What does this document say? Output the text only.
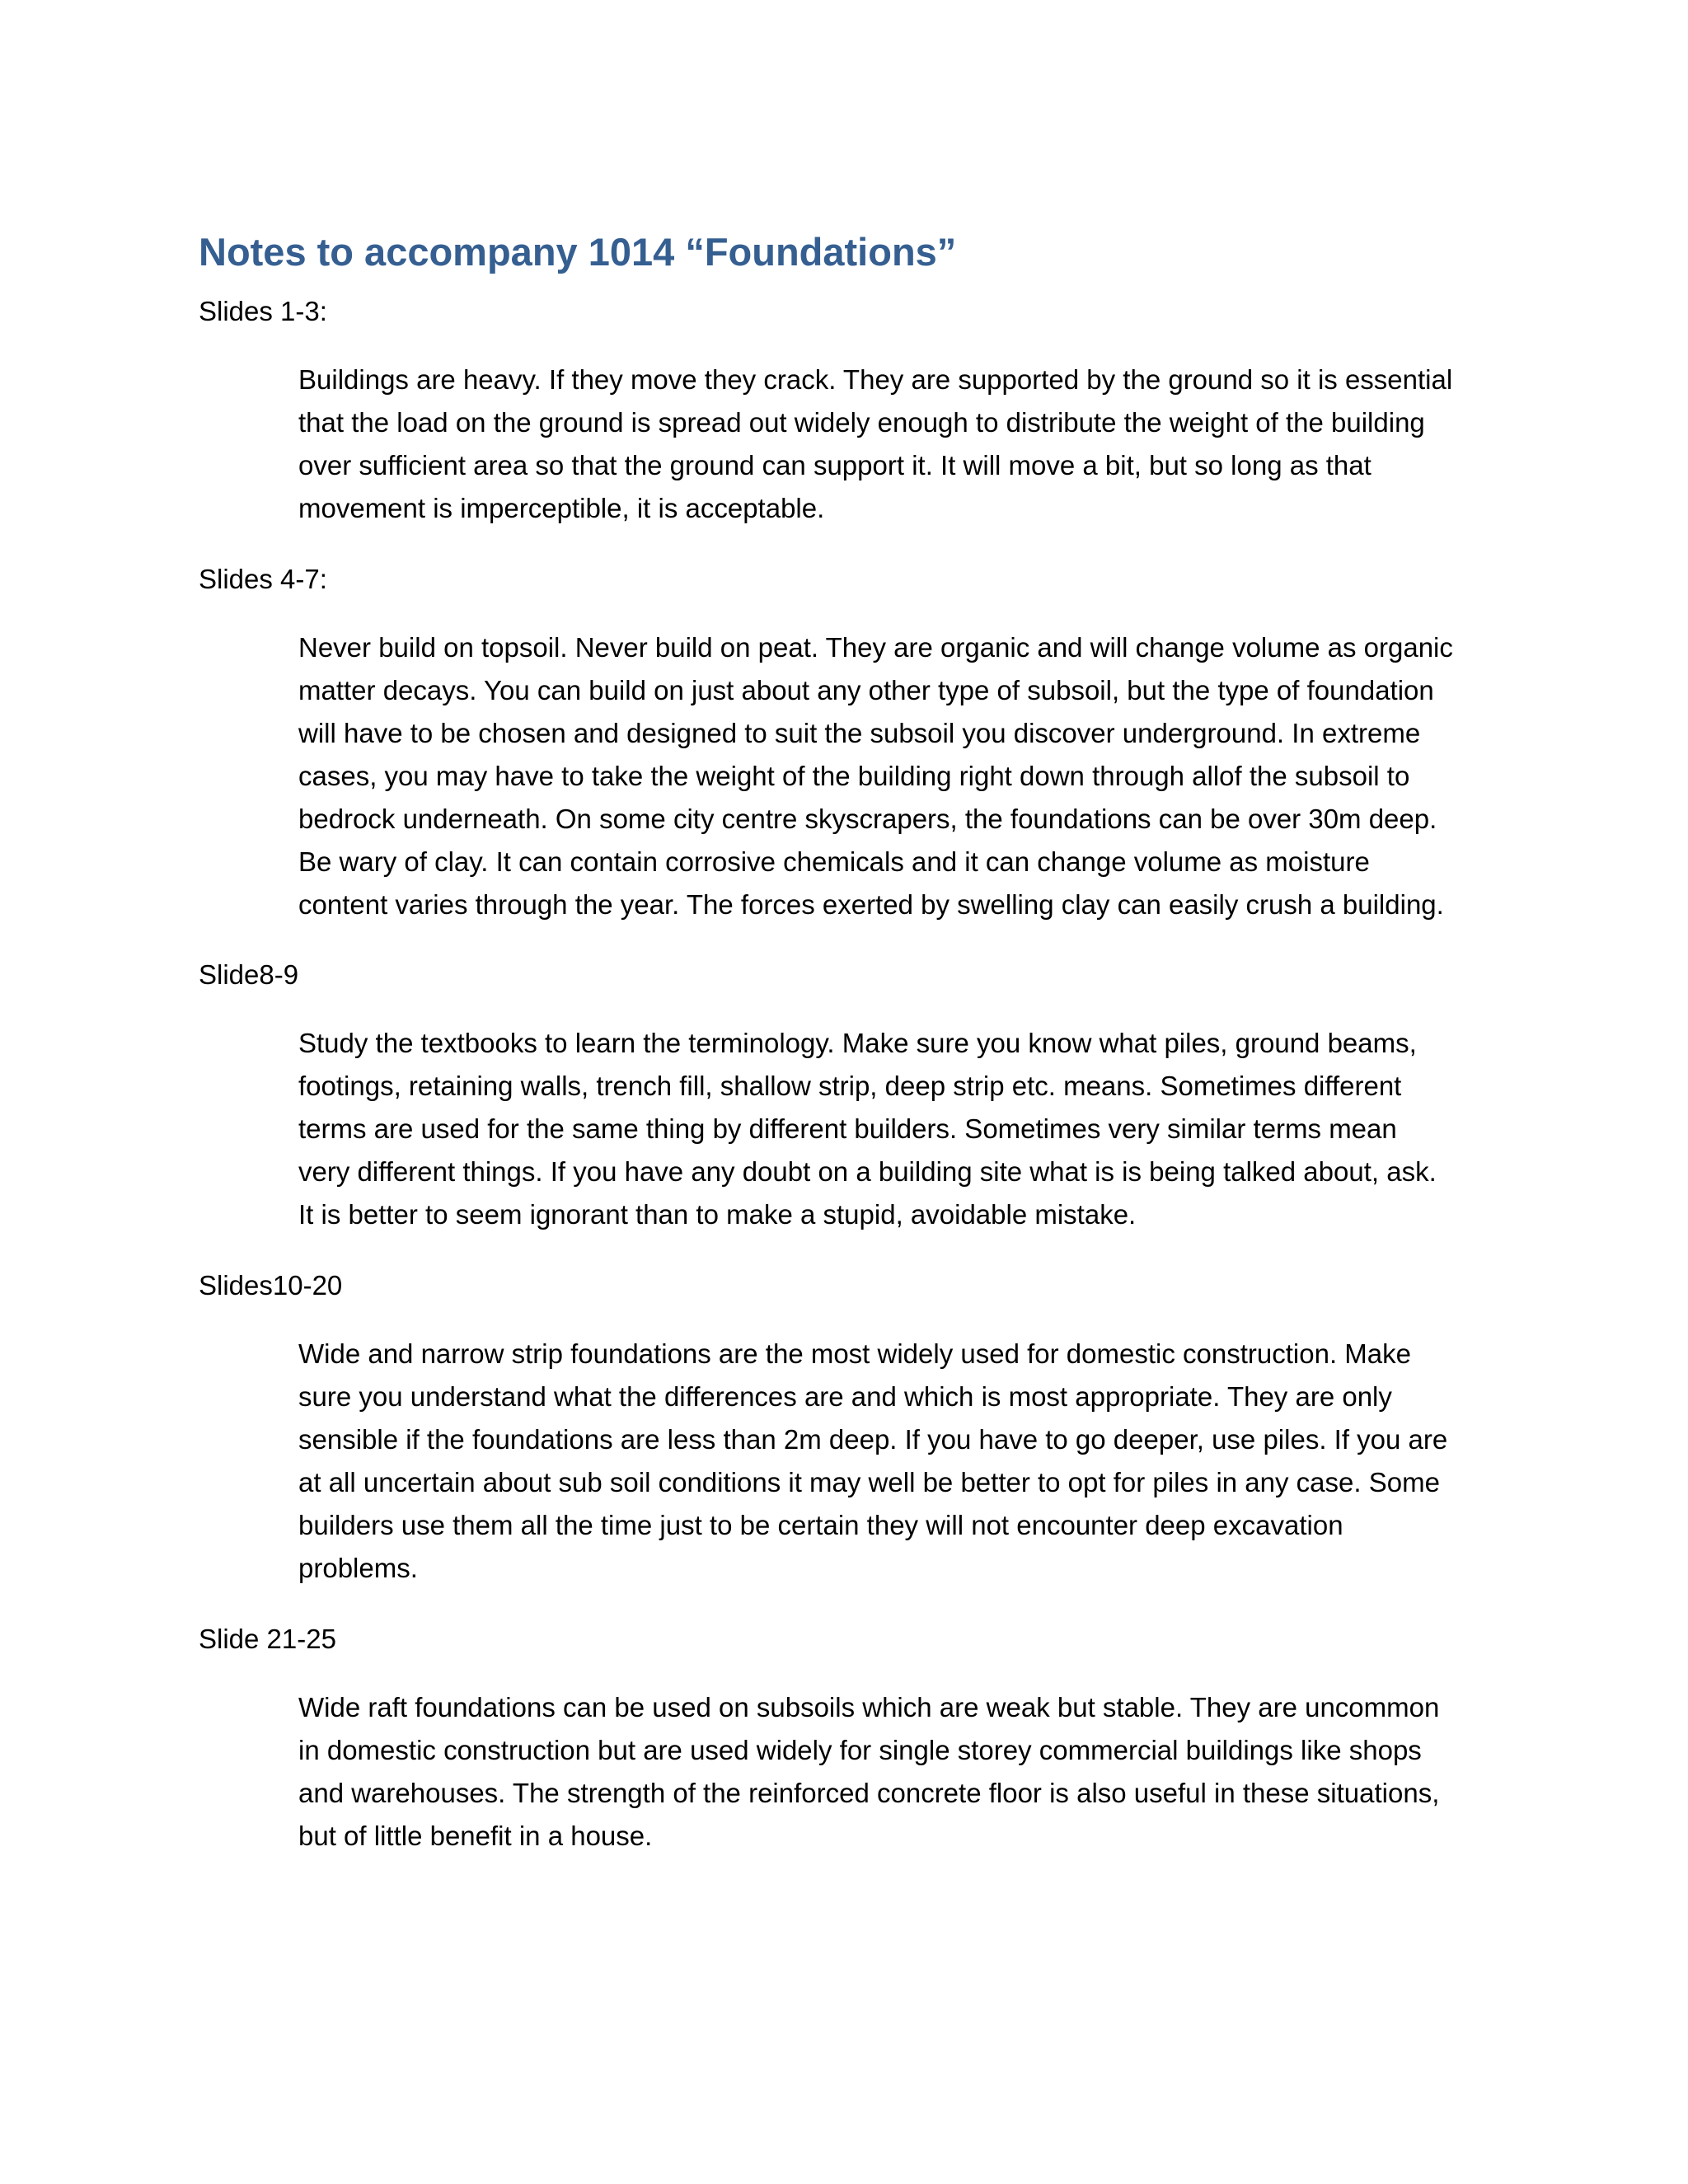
Notes to accompany 1014 “Foundations”

Slides 1-3:

Buildings are heavy. If they move they crack. They are supported by the ground so it is essential
that the load on the ground is spread out widely enough to distribute the weight of the building
over sufficient area so that the ground can support it. It will move a bit, but so long as that
movement is imperceptible, it is acceptable.

Slides 4-7:

Never build on topsoil. Never build on peat. They are organic and will change volume as organic
matter decays. You can build on just about any other type of subsoil, but the type of foundation
will have to be chosen and designed to suit the subsoil you discover underground. In extreme
cases, you may have to take the weight of the building right down through allof the subsoil to
bedrock underneath. On some city centre skyscrapers, the foundations can be over 30m deep.
Be wary of clay. It can contain corrosive chemicals and it can change volume as moisture
content varies through the year. The forces exerted by swelling clay can easily crush a building.

Slide8-9

Study the textbooks to learn the terminology. Make sure you know what piles, ground beams,
footings, retaining walls, trench fill, shallow strip, deep strip etc. means. Sometimes different
terms are used for the same thing by different builders. Sometimes very similar terms mean
very different things. If you have any doubt on a building site what is is being talked about, ask.
It is better to seem ignorant than to make a stupid, avoidable mistake.

Slides10-20

Wide and narrow strip foundations are the most widely used for domestic construction. Make
sure you understand what the differences are and which is most appropriate. They are only
sensible if the foundations are less than 2m deep. If you have to go deeper, use piles. If you are
at all uncertain about sub soil conditions it may well be better to opt for piles in any case. Some
builders use them all the time just to be certain they will not encounter deep excavation
problems.

Slide 21-25

Wide raft foundations can be used on subsoils which are weak but stable. They are uncommon
in domestic construction but are used widely for single storey commercial buildings like shops
and warehouses. The strength of the reinforced concrete floor is also useful in these situations,
but of little benefit in a house.
